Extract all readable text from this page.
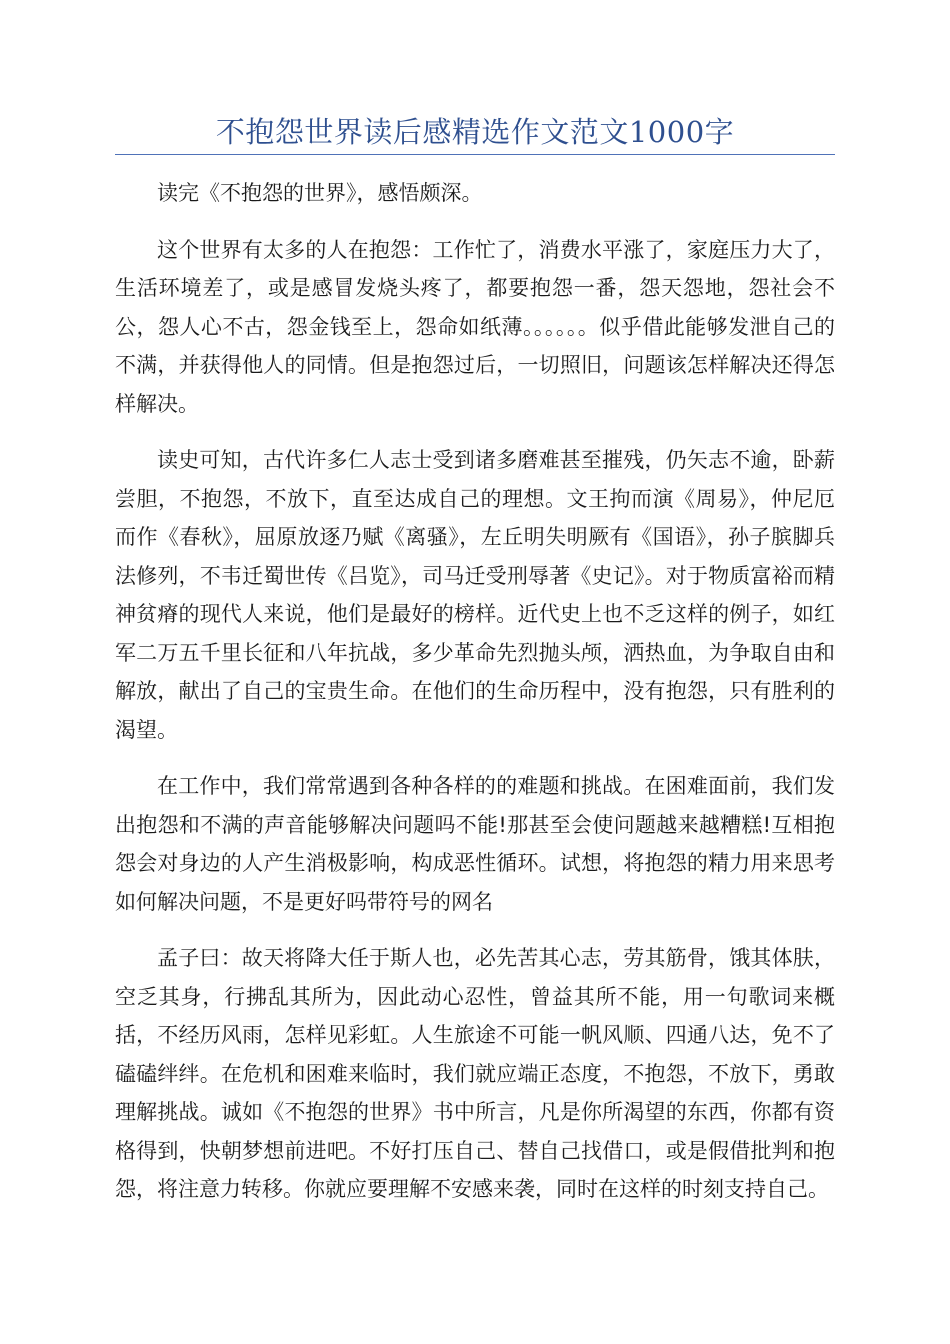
不抱怨世界读后感精选作文范文1000字

读完《不抱怨的世界》，感悟颇深。

这个世界有太多的人在抱怨：工作忙了，消费水平涨了，家庭压力大了，生活环境差了，或是感冒发烧头疼了，都要抱怨一番，怨天怨地，怨社会不公，怨人心不古，怨金钱至上，怨命如纸薄。。。。。。似乎借此能够发泄自己的不满，并获得他人的同情。但是抱怨过后，一切照旧，问题该怎样解决还得怎样解决。

读史可知，古代许多仁人志士受到诸多磨难甚至摧残，仍矢志不逾，卧薪尝胆，不抱怨，不放下，直至达成自己的理想。文王拘而演《周易》，仲尼厄而作《春秋》，屈原放逐乃赋《离骚》，左丘明失明厥有《国语》，孙子膑脚兵法修列，不韦迁蜀世传《吕览》，司马迁受刑辱著《史记》。对于物质富裕而精神贫瘠的现代人来说，他们是最好的榜样。近代史上也不乏这样的例子，如红军二万五千里长征和八年抗战，多少革命先烈抛头颅，洒热血，为争取自由和解放，献出了自己的宝贵生命。在他们的生命历程中，没有抱怨，只有胜利的渴望。

在工作中，我们常常遇到各种各样的的难题和挑战。在困难面前，我们发出抱怨和不满的声音能够解决问题吗不能!那甚至会使问题越来越糟糕!互相抱怨会对身边的人产生消极影响，构成恶性循环。试想，将抱怨的精力用来思考如何解决问题，不是更好吗带符号的网名

孟子曰：故天将降大任于斯人也，必先苦其心志，劳其筋骨，饿其体肤，空乏其身，行拂乱其所为，因此动心忍性，曾益其所不能，用一句歌词来概括，不经历风雨，怎样见彩虹。人生旅途不可能一帆风顺、四通八达，免不了磕磕绊绊。在危机和困难来临时，我们就应端正态度，不抱怨，不放下，勇敢理解挑战。诚如《不抱怨的世界》书中所言，凡是你所渴望的东西，你都有资格得到，快朝梦想前进吧。不好打压自己、替自己找借口，或是假借批判和抱怨，将注意力转移。你就应要理解不安感来袭，同时在这样的时刻支持自己。
